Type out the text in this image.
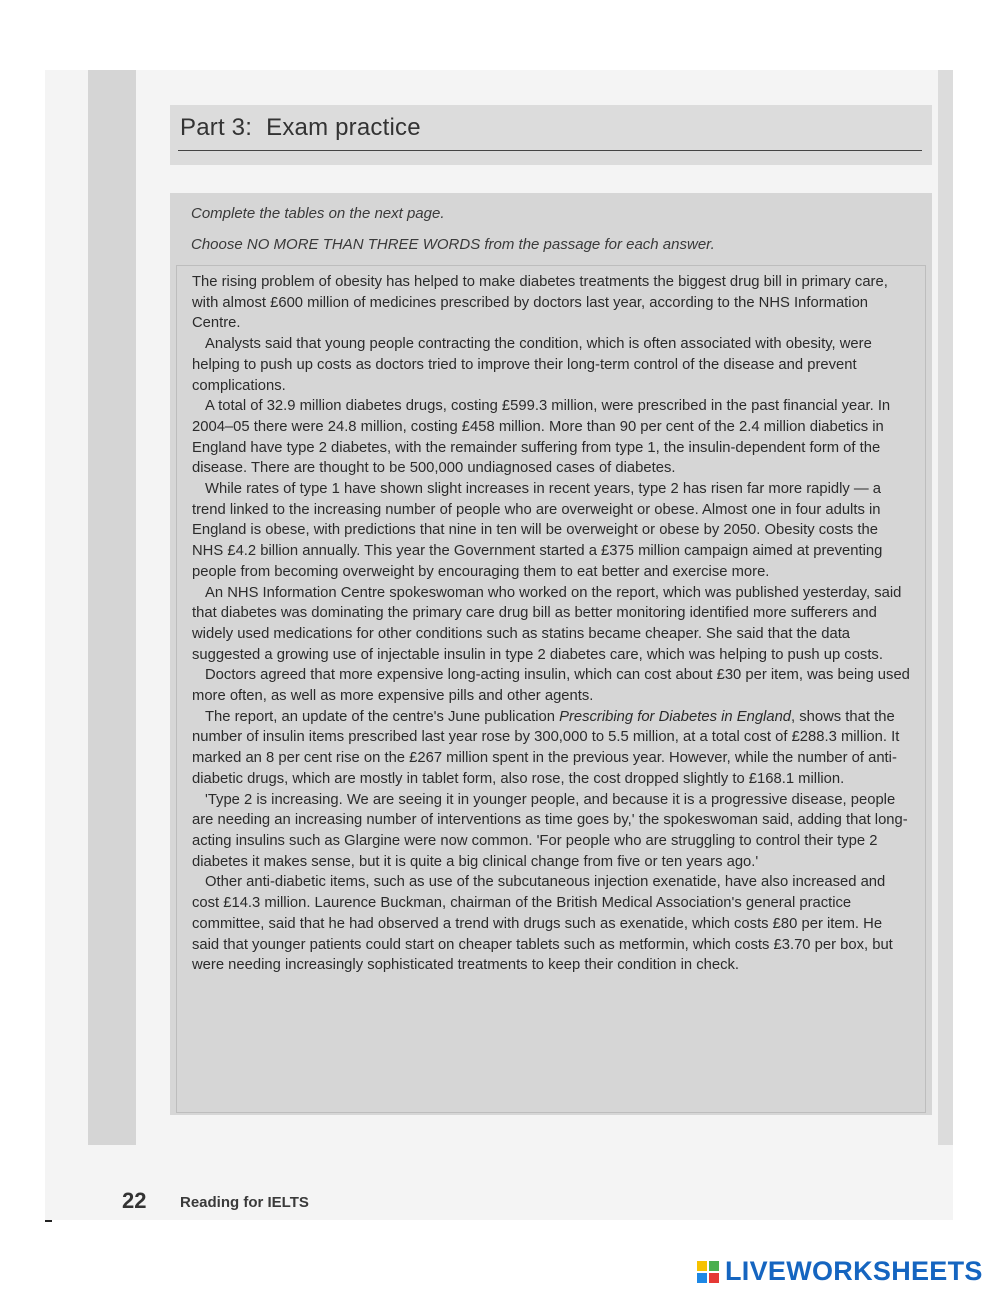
Part 3: Exam practice
Complete the tables on the next page.
Choose NO MORE THAN THREE WORDS from the passage for each answer.

The rising problem of obesity has helped to make diabetes treatments the biggest drug bill in primary care, with almost £600 million of medicines prescribed by doctors last year, according to the NHS Information Centre.

Analysts said that young people contracting the condition, which is often associated with obesity, were helping to push up costs as doctors tried to improve their long-term control of the disease and prevent complications.

A total of 32.9 million diabetes drugs, costing £599.3 million, were prescribed in the past financial year. In 2004–05 there were 24.8 million, costing £458 million. More than 90 per cent of the 2.4 million diabetics in England have type 2 diabetes, with the remainder suffering from type 1, the insulin-dependent form of the disease. There are thought to be 500,000 undiagnosed cases of diabetes.

While rates of type 1 have shown slight increases in recent years, type 2 has risen far more rapidly — a trend linked to the increasing number of people who are overweight or obese. Almost one in four adults in England is obese, with predictions that nine in ten will be overweight or obese by 2050. Obesity costs the NHS £4.2 billion annually. This year the Government started a £375 million campaign aimed at preventing people from becoming overweight by encouraging them to eat better and exercise more.

An NHS Information Centre spokeswoman who worked on the report, which was published yesterday, said that diabetes was dominating the primary care drug bill as better monitoring identified more sufferers and widely used medications for other conditions such as statins became cheaper. She said that the data suggested a growing use of injectable insulin in type 2 diabetes care, which was helping to push up costs.

Doctors agreed that more expensive long-acting insulin, which can cost about £30 per item, was being used more often, as well as more expensive pills and other agents.

The report, an update of the centre's June publication Prescribing for Diabetes in England, shows that the number of insulin items prescribed last year rose by 300,000 to 5.5 million, at a total cost of £288.3 million. It marked an 8 per cent rise on the £267 million spent in the previous year. However, while the number of anti-diabetic drugs, which are mostly in tablet form, also rose, the cost dropped slightly to £168.1 million.

'Type 2 is increasing. We are seeing it in younger people, and because it is a progressive disease, people are needing an increasing number of interventions as time goes by,' the spokeswoman said, adding that long-acting insulins such as Glargine were now common. 'For people who are struggling to control their type 2 diabetes it makes sense, but it is quite a big clinical change from five or ten years ago.'

Other anti-diabetic items, such as use of the subcutaneous injection exenatide, have also increased and cost £14.3 million. Laurence Buckman, chairman of the British Medical Association's general practice committee, said that he had observed a trend with drugs such as exenatide, which costs £80 per item. He said that younger patients could start on cheaper tablets such as metformin, which costs £3.70 per box, but were needing increasingly sophisticated treatments to keep their condition in check.

22 Reading for IELTS
LIVEWORKSHEETS
